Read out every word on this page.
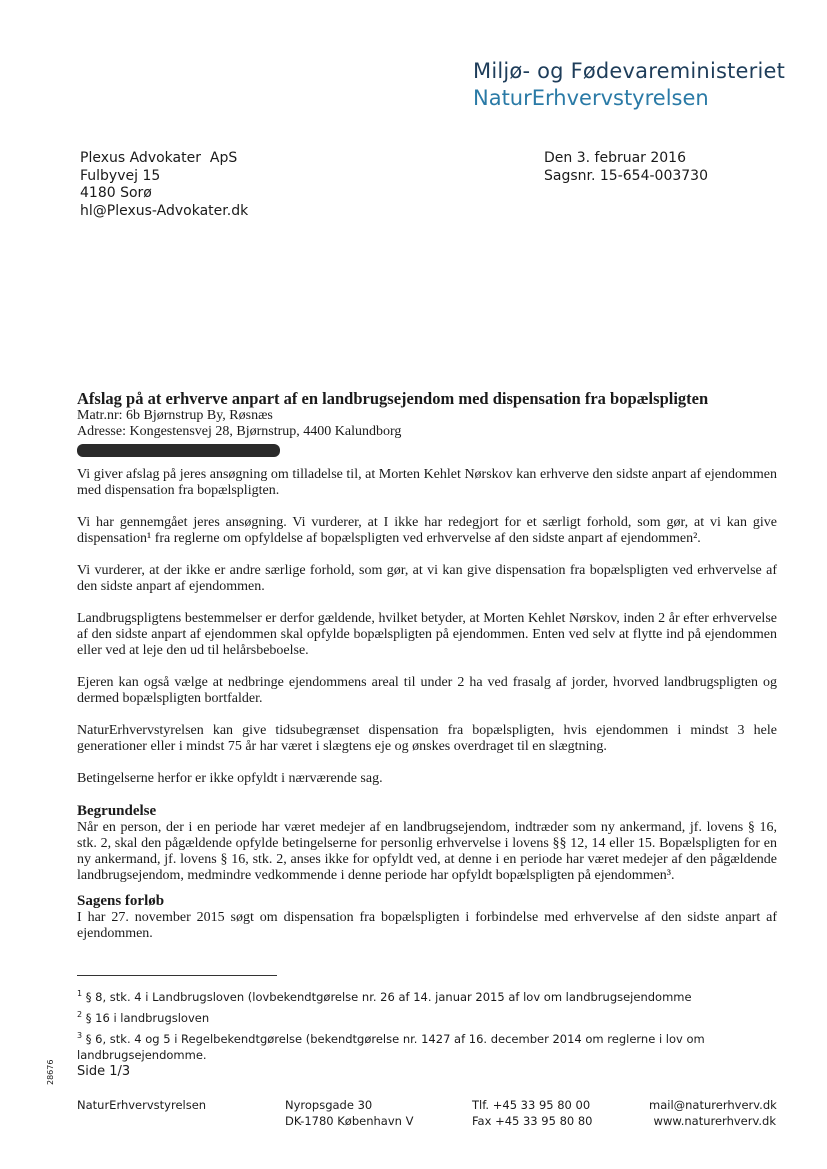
Miljø- og Fødevareministeriet
NaturErhvervstyrelsen
Plexus Advokater  ApS
Fulbyvej 15
4180 Sorø
hl@Plexus-Advokater.dk
Den 3. februar 2016
Sagsnr. 15-654-003730
Afslag på at erhverve anpart af en landbrugsejendom med dispensation fra bopælspligten

Matr.nr: 6b Bjørnstrup By, Røsnæs

Adresse: Kongestensvej 28, Bjørnstrup, 4400 Kalundborg

Vi giver afslag på jeres ansøgning om tilladelse til, at Morten Kehlet Nørskov kan erhverve den sidste anpart af ejendommen med dispensation fra bopælspligten.

Vi har gennemgået jeres ansøgning. Vi vurderer, at I ikke har redegjort for et særligt forhold, som gør, at vi kan give dispensation¹ fra reglerne om opfyldelse af bopælspligten ved erhvervelse af den sidste anpart af ejendommen².

Vi vurderer, at der ikke er andre særlige forhold, som gør, at vi kan give dispensation fra bopælspligten ved erhvervelse af den sidste anpart af ejendommen.

Landbrugspligtens bestemmelser er derfor gældende, hvilket betyder, at Morten Kehlet Nørskov, inden 2 år efter erhvervelse af den sidste anpart af ejendommen skal opfylde bopælspligten på ejendommen. Enten ved selv at flytte ind på ejendommen eller ved at leje den ud til helårsbeboelse.

Ejeren kan også vælge at nedbringe ejendommens areal til under 2 ha ved frasalg af jorder, hvorved landbrugspligten og dermed bopælspligten bortfalder.

NaturErhvervstyrelsen kan give tidsubegrænset dispensation fra bopælspligten, hvis ejendommen i mindst 3 hele generationer eller i mindst 75 år har været i slægtens eje og ønskes overdraget til en slægtning.

Betingelserne herfor er ikke opfyldt i nærværende sag.

Begrundelse

Når en person, der i en periode har været medejer af en landbrugsejendom, indtræder som ny ankermand, jf. lovens § 16, stk. 2, skal den pågældende opfylde betingelserne for personlig erhvervelse i lovens §§ 12, 14 eller 15. Bopælspligten for en ny ankermand, jf. lovens § 16, stk. 2, anses ikke for opfyldt ved, at denne i en periode har været medejer af den pågældende landbrugsejendom, medmindre vedkommende i denne periode har opfyldt bopælspligten på ejendommen³.

Sagens forløb

I har 27. november 2015 søgt om dispensation fra bopælspligten i forbindelse med erhvervelse af den sidste anpart af ejendommen.

$^1$ § 8, stk. 4 i Landbrugsloven (lovbekendtgørelse nr. 26 af 14. januar 2015 af lov om landbrugsejendomme
$^2$ § 16 i landbrugsloven
$^3$ § 6, stk. 4 og 5 i Regelbekendtgørelse (bekendtgørelse nr. 1427 af 16. december 2014 om reglerne i lov om landbrugsejendomme.
28676 Side 1/3
NaturErhvervstyrelsen	Nyropsgade 30
DK-1780 København V
Tlf. +45 33 95 80 00
Fax +45 33 95 80 80
mail@naturerhverv.dk
www.naturerhverv.dk
